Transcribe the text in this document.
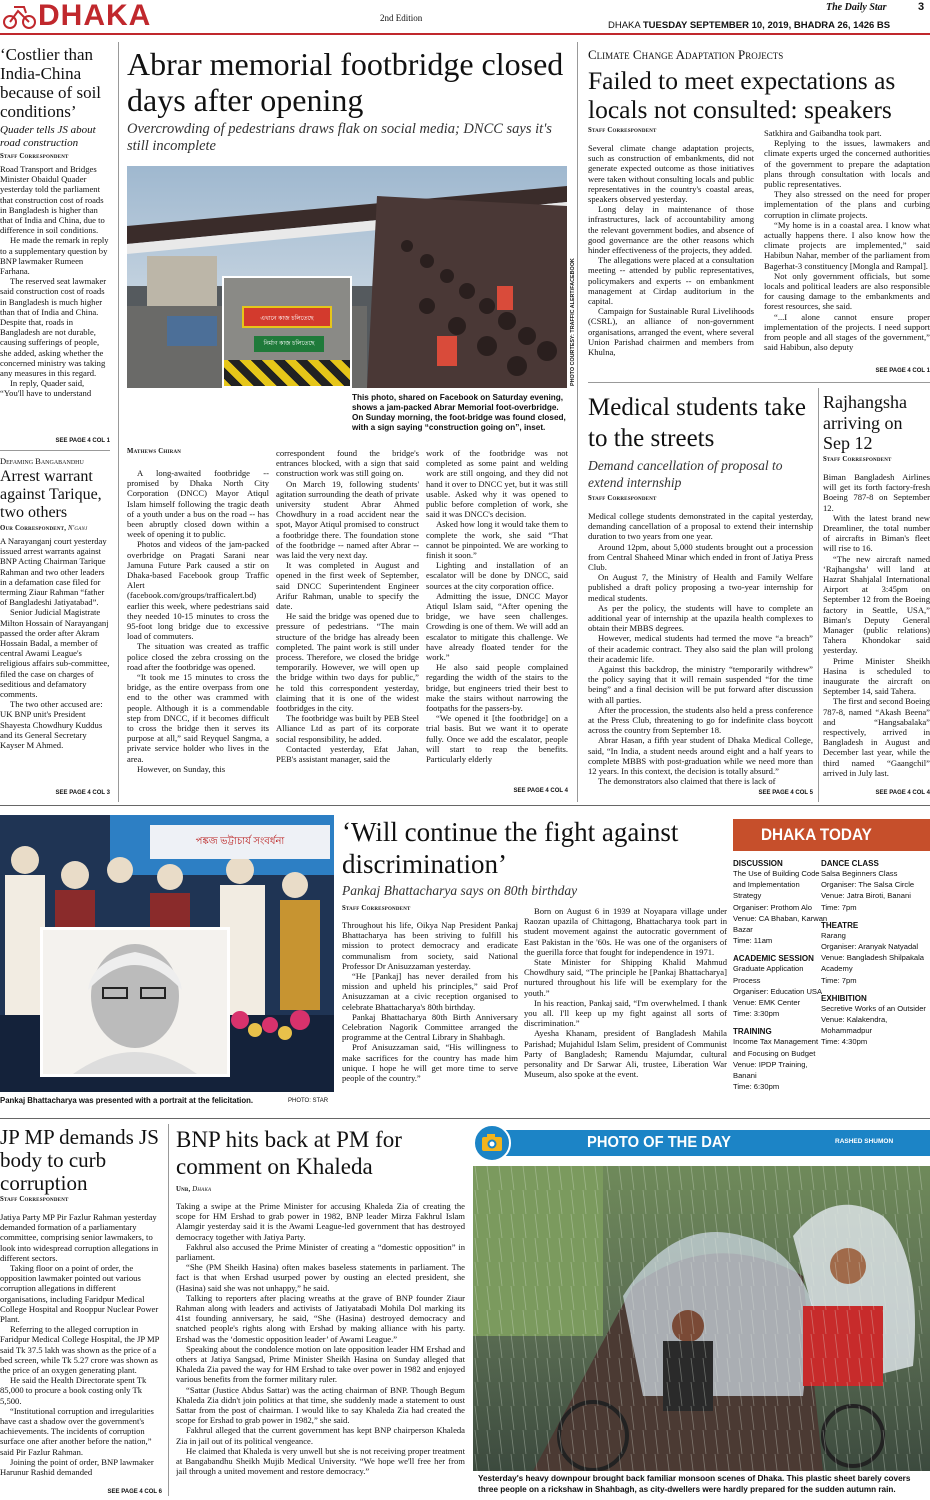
DHAKA	2nd Edition
The Daily Star	3
DHAKA TUESDAY SEPTEMBER 10, 2019, BHADRA 26, 1426 BS
‘Costlier than India-China because of soil conditions’
Quader tells JS about road construction
Staff Correspondent

Road Transport and Bridges Minister Obaidul Quader yesterday told the parliament that construction cost of roads in Bangladesh is higher than that of India and China, due to difference in soil conditions.

He made the remark in reply to a supplementary question by BNP lawmaker Rumeen Farhana.

The reserved seat lawmaker said construction cost of roads in Bangladesh is much higher than that of India and China. Despite that, roads in Bangladesh are not durable, causing sufferings of people, she added, asking whether the concerned ministry was taking any measures in this regard.

In reply, Quader said, “You'll have to understand

SEE PAGE 4 COL 1
Defaming Bangabandhu
Arrest warrant against Tarique, two others
Our Correspondent, N'ganj

A Narayanganj court yesterday issued arrest warrants against BNP Acting Chairman Tarique Rahman and two other leaders in a defamation case filed for terming Ziaur Rahman “father of Bangladeshi Jatiyatabad”.

Senior Judicial Magistrate Milton Hossain of Narayanganj passed the order after Akram Hossain Badal, a member of central Awami League's religious affairs sub-committee, filed the case on charges of seditious and defamatory comments.

The two other accused are: UK BNP unit's President Shayesta Chowdhury Kuddus and its General Secretary Kayser M Ahmed.

SEE PAGE 4 COL 3
Abrar memorial footbridge closed days after opening
Overcrowding of pedestrians draws flak on social media; DNCC says it's still incomplete
এখানে কাজ চলিতেছে
নির্মাণ কাজ চলিতেছে	PHOTO COURTESY: TRAFFIC ALERT/FACEBOOK
This photo, shared on Facebook on Saturday evening, shows a jam-packed Abrar Memorial foot-overbridge. On Sunday morning, the foot-bridge was found closed, with a sign saying “construction going on”, inset.
Mathews Chiran

A long-awaited footbridge -- promised by Dhaka North City Corporation (DNCC) Mayor Atiqul Islam himself following the tragic death of a youth under a bus on the road -- has been abruptly closed down within a week of opening it to public.

Photos and videos of the jam-packed overbridge on Pragati Sarani near Jamuna Future Park caused a stir on Dhaka-based Facebook group Traffic Alert (facebook.com/groups/trafficalert.bd) earlier this week, where pedestrians said they needed 10-15 minutes to cross the 95-foot long bridge due to excessive load of commuters.

The situation was created as traffic police closed the zebra crossing on the road after the footbridge was opened.

“It took me 15 minutes to cross the bridge, as the entire overpass from one end to the other was crammed with people. Although it is a commendable step from DNCC, if it becomes difficult to cross the bridge then it serves its purpose at all,” said Reyquel Sangma, a private service holder who lives in the area.

However, on Sunday, this

correspondent found the bridge's entrances blocked, with a sign that said construction work was still going on.

On March 19, following students' agitation surrounding the death of private university student Abrar Ahmed Chowdhury in a road accident near the spot, Mayor Atiqul promised to construct a footbridge there. The foundation stone of the footbridge -- named after Abrar -- was laid the very next day.

It was completed in August and opened in the first week of September, said DNCC Superintendent Engineer Arifur Rahman, unable to specify the date.

He said the bridge was opened due to pressure of pedestrians. “The main structure of the bridge has already been completed. The paint work is still under process. Therefore, we closed the bridge temporarily. However, we will open up the bridge within two days for public,” he told this correspondent yesterday, claiming that it is one of the widest footbridges in the city.

The footbridge was built by PEB Steel Alliance Ltd as part of its corporate social responsibility, he added.

Contacted yesterday, Efat Jahan, PEB's assistant manager, said the

work of the footbridge was not completed as some paint and welding work are still ongoing, and they did not hand it over to DNCC yet, but it was still usable. Asked why it was opened to public before completion of work, she said it was DNCC's decision.

Asked how long it would take them to complete the work, she said “That cannot be pinpointed. We are working to finish it soon.”

Lighting and installation of an escalator will be done by DNCC, said sources at the city corporation office.

Admitting the issue, DNCC Mayor Atiqul Islam said, “After opening the bridge, we have seen challenges. Crowding is one of them. We will add an escalator to mitigate this challenge. We have already floated tender for the work.”

He also said people complained regarding the width of the stairs to the bridge, but engineers tried their best to make the stairs without narrowing the footpaths for the passers-by.

“We opened it [the footbridge] on a trial basis. But we want it to operate fully. Once we add the escalator, people will start to reap the benefits. Particularly elderly

SEE PAGE 4 COL 4
Climate Change Adaptation Projects
Failed to meet expectations as locals not consulted: speakers
Staff Correspondent

Several climate change adaptation projects, such as construction of embankments, did not generate expected outcome as those initiatives were taken without consulting locals and public representatives in the country's coastal areas, speakers observed yesterday.

Long delay in maintenance of those infrastructures, lack of accountability among the relevant government bodies, and absence of good governance are the other reasons which hinder effectiveness of the projects, they added.

The allegations were placed at a consultation meeting -- attended by public representatives, policymakers and experts -- on embankment management at Cirdap auditorium in the capital.

Campaign for Sustainable Rural Livelihoods (CSRL), an alliance of non-government organisations, arranged the event, where several Union Parishad chairmen and members from Khulna,

Satkhira and Gaibandha took part.

Replying to the issues, lawmakers and climate experts urged the concerned authorities of the government to prepare the adaptation plans through consultation with locals and public representatives.

They also stressed on the need for proper implementation of the plans and curbing corruption in climate projects.

“My home is in a coastal area. I know what actually happens there. I also know how the climate projects are implemented,” said Habibun Nahar, member of the parliament from Bagerhat-3 constituency [Mongla and Rampal].

Not only government officials, but some locals and political leaders are also responsible for causing damage to the embankments and forest resources, she said.

“...I alone cannot ensure proper implementation of the projects. I need support from people and all stages of the government,” said Habibun, also deputy

SEE PAGE 4 COL 1
Medical students take to the streets
Demand cancellation of proposal to extend internship
Staff Correspondent

Medical college students demonstrated in the capital yesterday, demanding cancellation of a proposal to extend their internship duration to two years from one year.

Around 12pm, about 5,000 students brought out a procession from Central Shaheed Minar which ended in front of Jatiya Press Club.

On August 7, the Ministry of Health and Family Welfare published a draft policy proposing a two-year internship for medical students.

As per the policy, the students will have to complete an additional year of internship at the upazila health complexes to obtain their MBBS degrees.

However, medical students had termed the move “a breach” of their academic contract. They also said the plan will prolong their academic life.

Against this backdrop, the ministry “temporarily withdrew” the policy saying that it will remain suspended “for the time being” and a final decision will be put forward after discussion with all parties.

After the procession, the students also held a press conference at the Press Club, threatening to go for indefinite class boycott across the country from September 18.

Abrar Hasan, a fifth year student of Dhaka Medical College, said, “In India, a student needs around eight and a half years to complete MBBS with post-graduation while we need more than 12 years. In this context, the decision is totally absurd.”

The demonstrators also claimed that there is lack of

SEE PAGE 4 COL 5
Rajhangsha arriving on Sep 12
Staff Correspondent

Biman Bangladesh Airlines will get its forth factory-fresh Boeing 787-8 on September 12.

With the latest brand new Dreamliner, the total number of aircrafts in Biman's fleet will rise to 16.

“The new aircraft named ‘Rajhangsha’ will land at Hazrat Shahjalal International Airport at 3:45pm on September 12 from the Boeing factory in Seattle, USA,” Biman's Deputy General Manager (public relations) Tahera Khondokar said yesterday.

Prime Minister Sheikh Hasina is scheduled to inaugurate the aircraft on September 14, said Tahera.

The first and second Boeing 787-8, named “Akash Beena” and “Hangsabalaka” respectively, arrived in Bangladesh in August and December last year, while the third named “Gaangchil” arrived in July last.

SEE PAGE 4 COL 4
পঙ্কজ ভট্টাচার্য সংবর্ধনা
Pankaj Bhattacharya was presented with a portrait at the felicitation.	PHOTO: STAR
‘Will continue the fight against discrimination’
Pankaj Bhattacharya says on 80th birthday
Staff Correspondent

Throughout his life, Oikya Nap President Pankaj Bhattacharya has been striving to fulfill his mission to protect democracy and eradicate communalism from society, said National Professor Dr Anisuzzaman yesterday.

“He [Pankaj] has never derailed from his mission and upheld his principles,” said Prof Anisuzzaman at a civic reception organised to celebrate Bhattacharya's 80th birthday.

Pankaj Bhattacharya 80th Birth Anniversary Celebration Nagorik Committee arranged the programme at the Central Library in Shahbagh.

Prof Anisuzzaman said, “His willingness to make sacrifices for the country has made him unique. I hope he will get more time to serve people of the country.”

Born on August 6 in 1939 at Noyapara village under Raozan upazila of Chittagong, Bhattacharya took part in student movement against the autocratic government of East Pakistan in the '60s. He was one of the organisers of the guerilla force that fought for independence in 1971.

State Minister for Shipping Khalid Mahmud Chowdhury said, “The principle he [Pankaj Bhattacharya] nurtured throughout his life will be exemplary for the youth.”

In his reaction, Pankaj said, “I'm overwhelmed. I thank you all. I'll keep up my fight against all sorts of discrimination.”

Ayesha Khanam, president of Bangladesh Mahila Parishad; Mujahidul Islam Selim, president of Communist Party of Bangladesh; Ramendu Majumdar, cultural personality and Dr Sarwar Ali, trustee, Liberation War Museum, also spoke at the event.

DHAKA TODAY
DISCUSSION
The Use of Building Code and Implementation Strategy
Organiser: Prothom Alo
Venue: CA Bhaban, Karwan Bazar
Time: 11am
ACADEMIC SESSION
Graduate Application Process
Organiser: Education USA
Venue: EMK Center
Time: 3:30pm
TRAINING
Income Tax Management and Focusing on Budget
Venue: IPDP Training, Banani
Time: 6:30pm
DANCE CLASS
Salsa Beginners Class
Organiser: The Salsa Circle
Venue: Jatra Biroti, Banani
Time: 7pm
THEATRE
Rarang
Organiser: Aranyak Natyadal
Venue: Bangladesh Shilpakala Academy
Time: 7pm
EXHIBITION
Secretive Works of an Outsider
Venue: Kalakendra, Mohammadpur
Time: 4:30pm
JP MP demands JS body to curb corruption
Staff Correspondent

Jatiya Party MP Pir Fazlur Rahman yesterday demanded formation of a parliamentary committee, comprising senior lawmakers, to look into widespread corruption allegations in different sectors.

Taking floor on a point of order, the opposition lawmaker pointed out various corruption allegations in different organisations, including Faridpur Medical College Hospital and Rooppur Nuclear Power Plant.

Referring to the alleged corruption in Faridpur Medical College Hospital, the JP MP said Tk 37.5 lakh was shown as the price of a bed screen, while Tk 5.27 crore was shown as the price of an oxygen generating plant.

He said the Health Directorate spent Tk 85,000 to procure a book costing only Tk 5,500.

“Institutional corruption and irregularities have cast a shadow over the government's achievements. The incidents of corruption surface one after another before the nation,” said Pir Fazlur Rahman.

Joining the point of order, BNP lawmaker Harunur Rashid demanded

SEE PAGE 4 COL 6
BNP hits back at PM for comment on Khaleda
Unb, Dhaka

Taking a swipe at the Prime Minister for accusing Khaleda Zia of creating the scope for HM Ershad to grab power in 1982, BNP leader Mirza Fakhrul Islam Alamgir yesterday said it is the Awami League-led government that has destroyed democracy together with Jatiya Party.

Fakhrul also accused the Prime Minister of creating a “domestic opposition” in parliament.

“She (PM Sheikh Hasina) often makes baseless statements in parliament. The fact is that when Ershad usurped power by ousting an elected president, she (Hasina) said she was not unhappy,” he said.

Talking to reporters after placing wreaths at the grave of BNP founder Ziaur Rahman along with leaders and activists of Jatiyatabadi Mohila Dol marking its 41st founding anniversary, he said, “She (Hasina) destroyed democracy and snatched people's rights along with Ershad by making alliance with his party. Ershad was the ‘domestic opposition leader’ of Awami League.”

Speaking about the condolence motion on late opposition leader HM Ershad and others at Jatiya Sangsad, Prime Minister Sheikh Hasina on Sunday alleged that Khaleda Zia paved the way for HM Ershad to take over power in 1982 and enjoyed various benefits from the former military ruler.

“Sattar (Justice Abdus Sattar) was the acting chairman of BNP. Though Begum Khaleda Zia didn't join politics at that time, she suddenly made a statement to oust Sattar from the post of chairman. I would like to say Khaleda Zia had created the scope for Ershad to grab power in 1982,” she said.

Fakhrul alleged that the current government has kept BNP chairperson Khaleda Zia in jail out of its political vengeance.

He claimed that Khaleda is very unwell but she is not receiving proper treatment at Bangabandhu Sheikh Mujib Medical University. “We hope we'll free her from jail through a united movement and restore democracy.”

PHOTO OF THE DAY	RASHED SHUMON
Yesterday's heavy downpour brought back familiar monsoon scenes of Dhaka. This plastic sheet barely covers three people on a rickshaw in Shahbagh, as city-dwellers were hardly prepared for the sudden autumn rain.
